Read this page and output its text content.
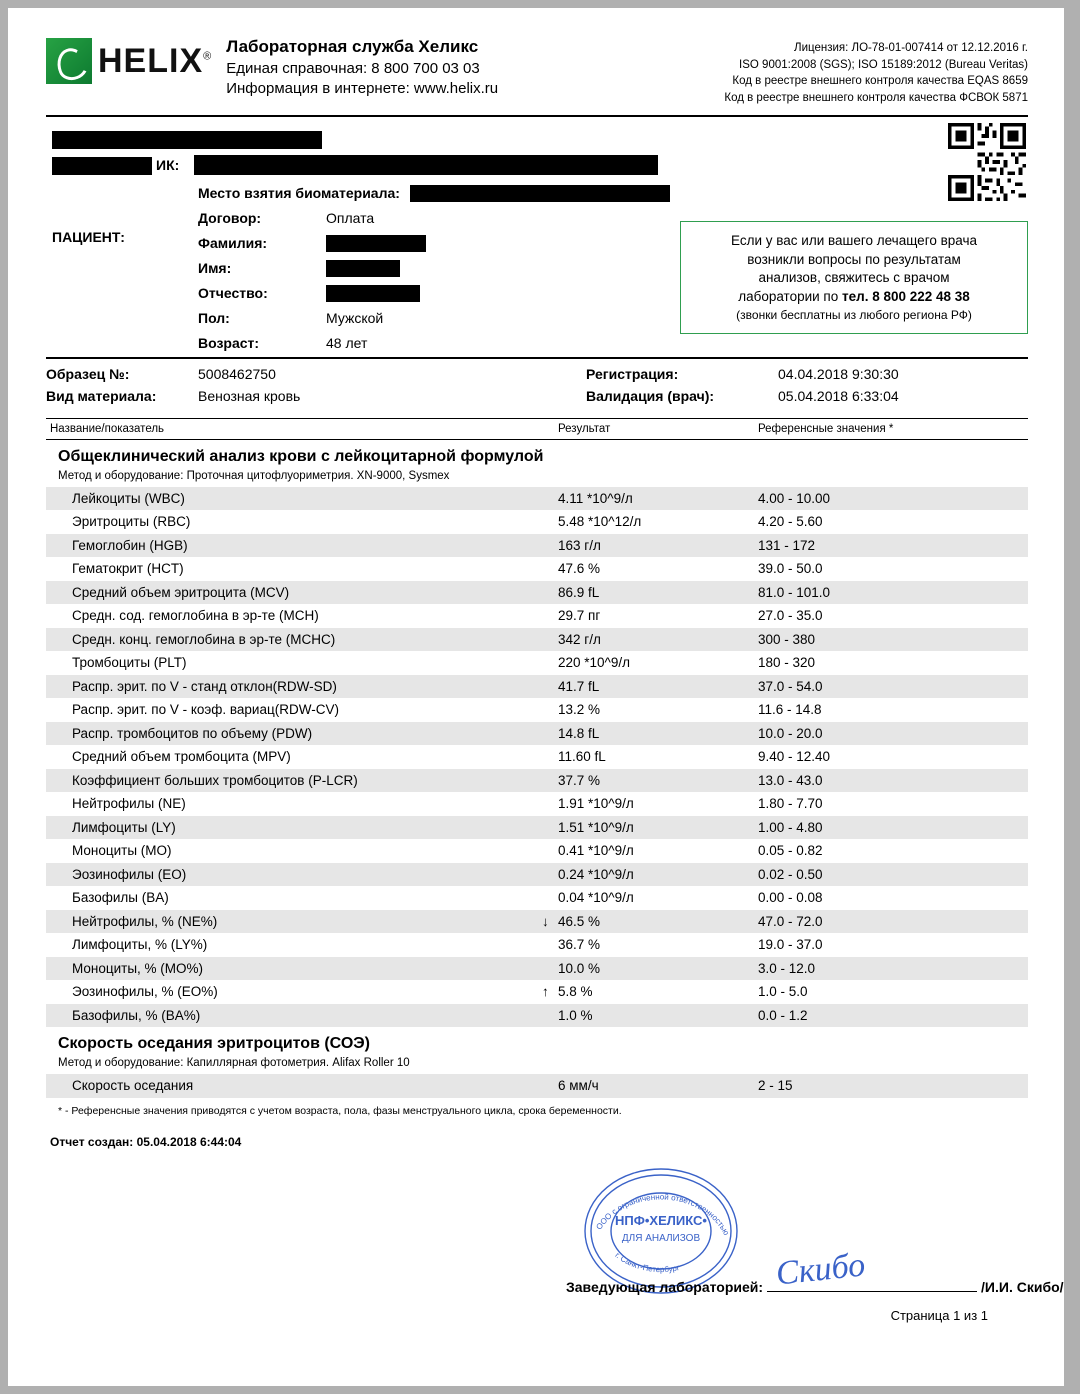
HELIX®
Лабораторная служба Хеликс
Единая справочная: 8 800 700 03 03
Информация в интернете: www.helix.ru
Лицензия: ЛО-78-01-007414 от 12.12.2016 г.
ISO 9001:2008 (SGS); ISO 15189:2012 (Bureau Veritas)
Код в реестре внешнего контроля качества EQAS 8659
Код в реестре внешнего контроля качества ФСВОК 5871
ИК:
ПАЦИЕНТ:
Место взятия биоматериала:
Договор:	Оплата
Фамилия:
Имя:
Отчество:
Пол:	Мужской
Возраст:	48 лет
Если у вас или вашего лечащего врача
возникли вопросы по результатам
анализов, свяжитесь с врачом
лаборатории по тел. 8 800 222 48 38
(звонки бесплатны из любого региона РФ)
Образец №:	5008462750
Вид материала:	Венозная кровь
Регистрация:	04.04.2018 9:30:30
Валидация (врач):	05.04.2018 6:33:04
Название/показатель	Результат	Референсные значения *
Общеклинический анализ крови с лейкоцитарной формулой
Метод и оборудование: Проточная цитофлуориметрия. XN-9000, Sysmex
Лейкоциты (WBC)	4.11 *10^9/л	4.00 - 10.00
Эритроциты (RBC)	5.48 *10^12/л	4.20 - 5.60
Гемоглобин (HGB)	163 г/л	131 - 172
Гематокрит (HCT)	47.6 %	39.0 - 50.0
Средний объем эритроцита (MCV)	86.9 fL	81.0 - 101.0
Средн. сод. гемоглобина в эр-те (MCH)	29.7 пг	27.0 - 35.0
Средн. конц. гемоглобина в эр-те (MCHC)	342 г/л	300 - 380
Тромбоциты (PLT)	220 *10^9/л	180 - 320
Распр. эрит. по V - станд отклон(RDW-SD)	41.7 fL	37.0 - 54.0
Распр. эрит. по V - коэф. вариац(RDW-CV)	13.2 %	11.6 - 14.8
Распр. тромбоцитов по объему (PDW)	14.8 fL	10.0 - 20.0
Средний объем тромбоцита (MPV)	11.60 fL	9.40 - 12.40
Коэффициент больших тромбоцитов (P-LCR)	37.7 %	13.0 - 43.0
Нейтрофилы (NE)	1.91 *10^9/л	1.80 - 7.70
Лимфоциты (LY)	1.51 *10^9/л	1.00 - 4.80
Моноциты (MO)	0.41 *10^9/л	0.05 - 0.82
Эозинофилы (EO)	0.24 *10^9/л	0.02 - 0.50
Базофилы (BA)	0.04 *10^9/л	0.00 - 0.08
Нейтрофилы, % (NE%)	↓ 46.5 %	47.0 - 72.0
Лимфоциты, % (LY%)	36.7 %	19.0 - 37.0
Моноциты, % (MO%)	10.0 %	3.0 - 12.0
Эозинофилы, % (EO%)	↑ 5.8 %	1.0 - 5.0
Базофилы, % (BA%)	1.0 %	0.0 - 1.2
Скорость оседания эритроцитов (СОЭ)
Метод и оборудование: Капиллярная фотометрия. Alifax Roller 10
Скорость оседания	6 мм/ч	2 - 15
* - Референсные значения приводятся с учетом возраста, пола, фазы менструального цикла, срока беременности.
Отчет создан: 05.04.2018 6:44:04
ООО с ограниченной ответственностью
г. Санкт-Петербург
НПФ•ХЕЛИКС•
ДЛЯ АНАЛИЗОВ
Скибо
Заведующая лабораторией:	/И.И. Скибо/
Страница 1 из 1
